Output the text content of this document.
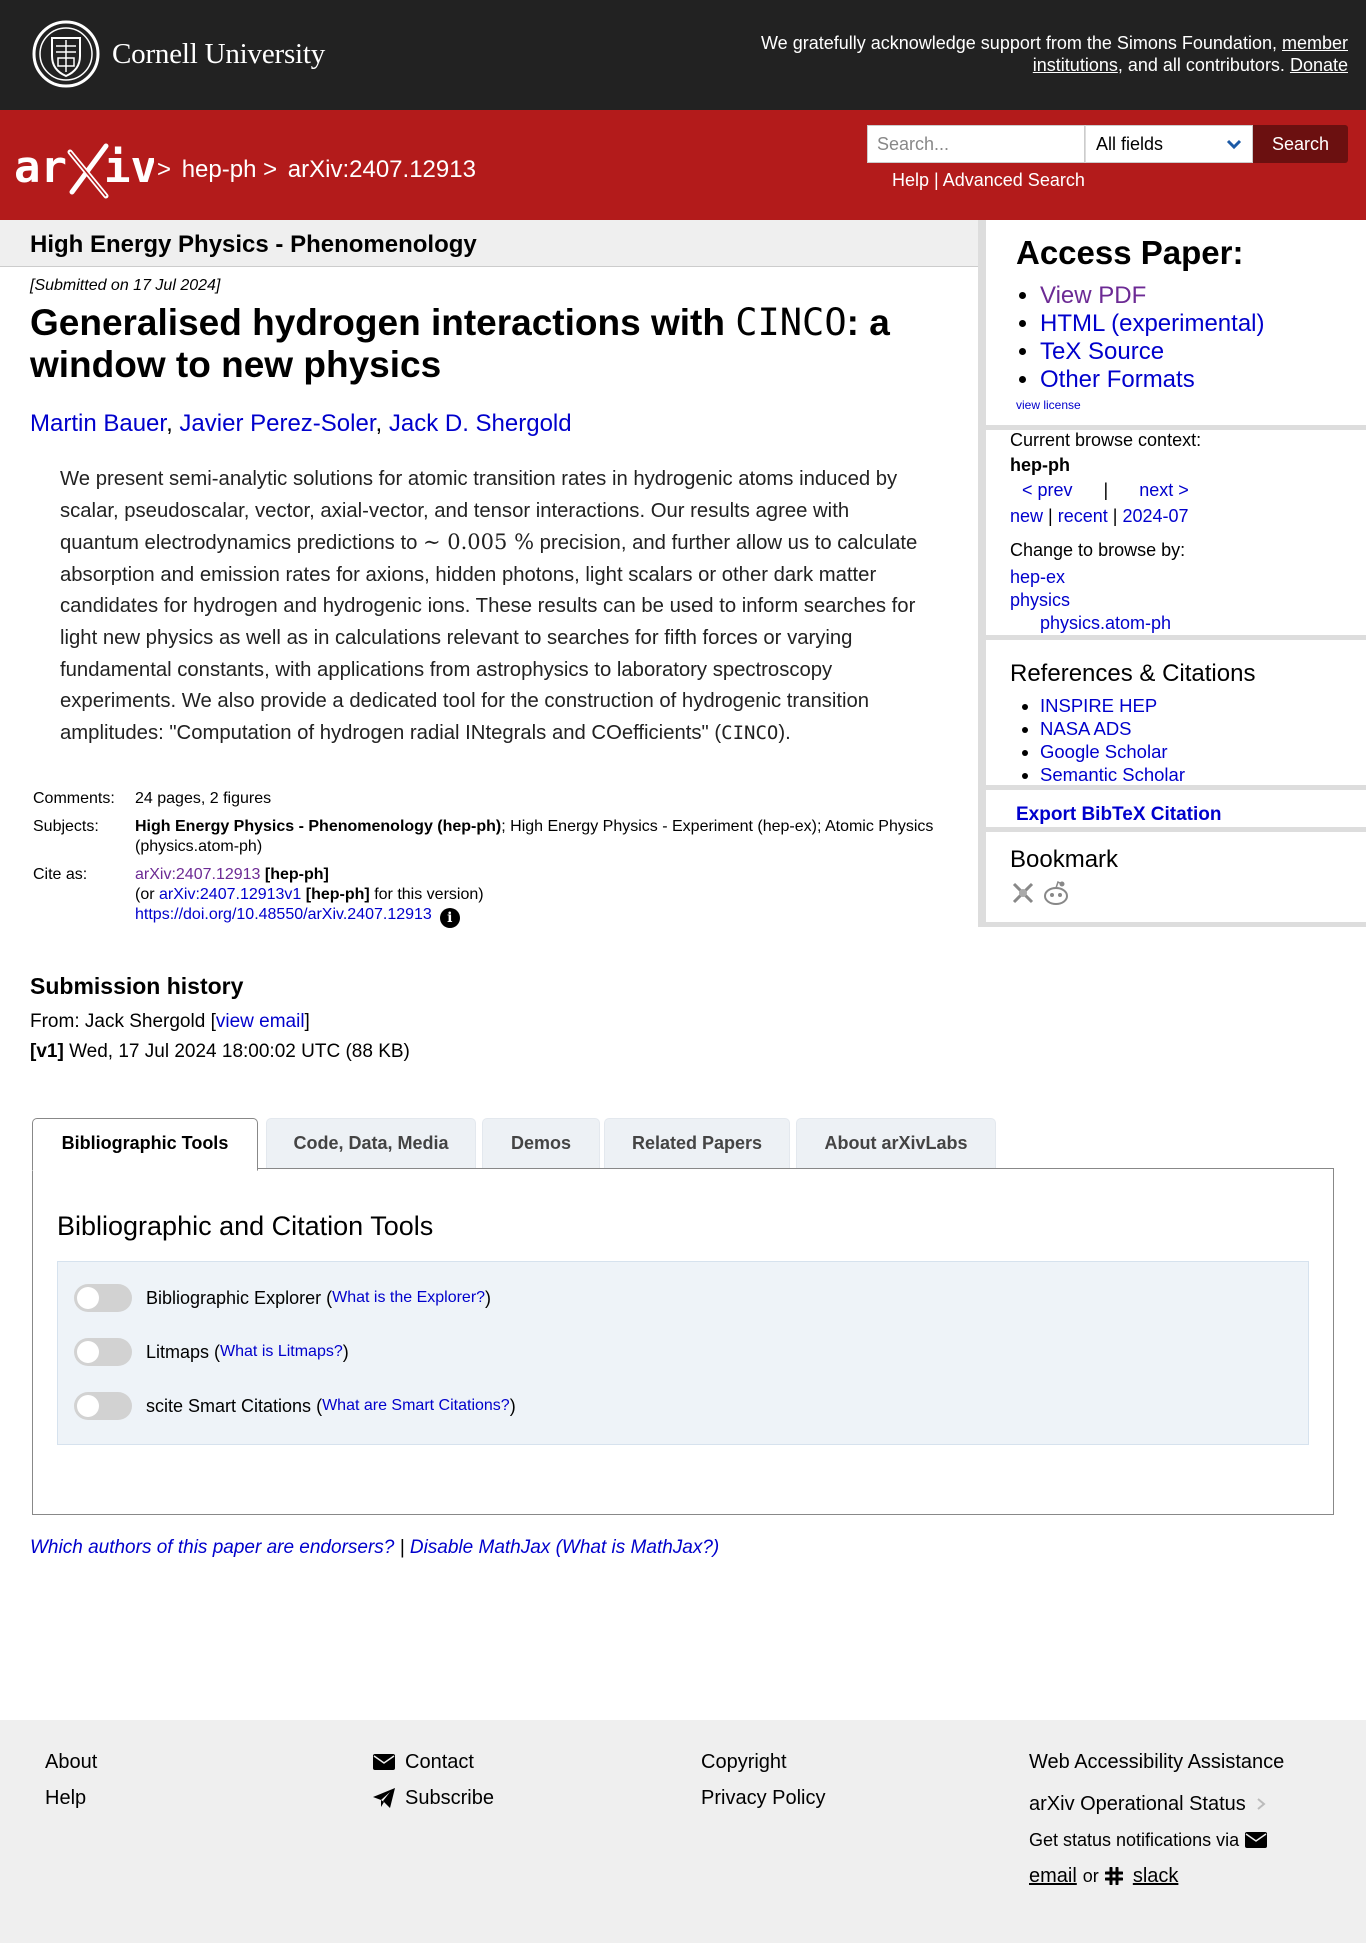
Cornell University	We gratefully acknowledge support from the Simons Foundation, member institutions, and all contributors. Donate
ar iv > hep-ph > arXiv:2407.12913
Search...	All fields	Search
Help | Advanced Search
High Energy Physics - Phenomenology
[Submitted on 17 Jul 2024]
Generalised hydrogen interactions with CINCO: a window to new physics
Martin Bauer, Javier Perez-Soler, Jack D. Shergold

We present semi-analytic solutions for atomic transition rates in hydrogenic atoms induced by scalar, pseudoscalar, vector, axial-vector, and tensor interactions. Our results agree with quantum electrodynamics predictions to ∼ 0.005 % precision, and further allow us to calculate absorption and emission rates for axions, hidden photons, light scalars or other dark matter candidates for hydrogen and hydrogenic ions. These results can be used to inform searches for light new physics as well as in calculations relevant to searches for fifth forces or varying fundamental constants, with applications from astrophysics to laboratory spectroscopy experiments. We also provide a dedicated tool for the construction of hydrogenic transition amplitudes: "Computation of hydrogen radial INtegrals and COefficients" (CINCO).

Comments:	24 pages, 2 figures
Subjects:	High Energy Physics - Phenomenology (hep-ph); High Energy Physics - Experiment (hep-ex); Atomic Physics (physics.atom-ph)
Cite as:	arXiv:2407.12913 [hep-ph]
(or arXiv:2407.12913v1 [hep-ph] for this version)
https://doi.org/10.48550/arXiv.2407.12913 i
Submission history
From: Jack Shergold [view email]
[v1] Wed, 17 Jul 2024 18:00:02 UTC (88 KB)
Bibliographic Tools	Code, Data, Media	Demos	Related Papers	About arXivLabs
Bibliographic and Citation Tools
Bibliographic Explorer ( What is the Explorer? )
Litmaps ( What is Litmaps? )
scite Smart Citations ( What are Smart Citations? )
Which authors of this paper are endorsers? | Disable MathJax (What is MathJax?)
Access Paper:
• View PDF
• HTML (experimental)
• TeX Source
• Other Formats
view license
Current browse context:
hep-ph
< prev | next >
new | recent | 2024-07
Change to browse by:
hep-ex
physics
physics.atom-ph
References & Citations
• INSPIRE HEP
• NASA ADS
• Google Scholar
• Semantic Scholar
Export BibTeX Citation
Bookmark
About
Help
Contact
Subscribe
Copyright
Privacy Policy
Web Accessibility Assistance
arXiv Operational Status
Get status notifications via
email or slack
